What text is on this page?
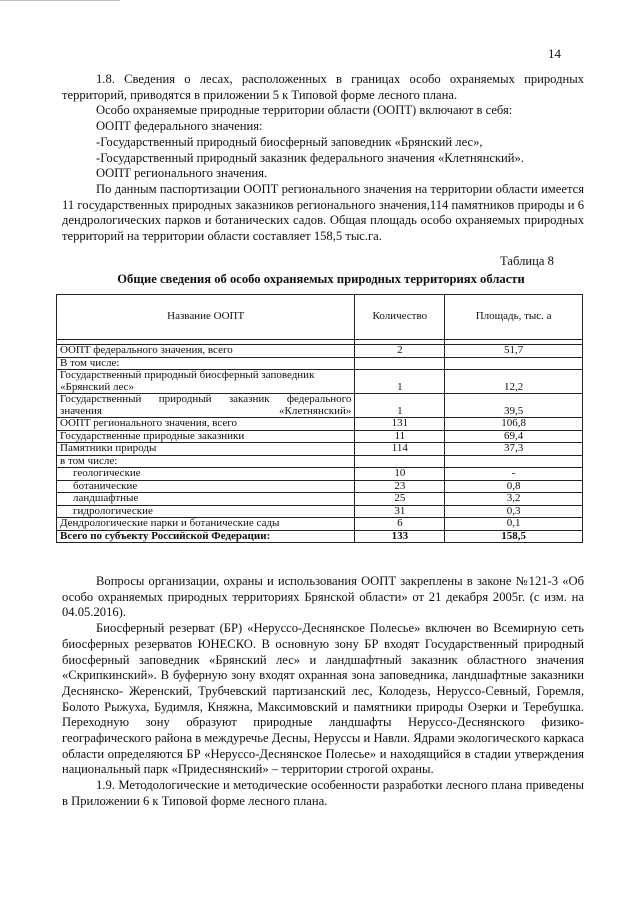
14

1.8. Сведения о лесах, расположенных в границах особо охраняемых природных территорий, приводятся в приложении 5 к Типовой форме лесного плана.

Особо охраняемые природные территории области (ООПТ) включают в себя:

ООПТ федерального значения:

-Государственный природный биосферный заповедник «Брянский лес»,

-Государственный природный заказник федерального значения «Клетнянский».

ООПТ регионального значения.

По данным паспортизации ООПТ регионального значения на территории области имеется 11 государственных природных заказников регионального значения,114 памятников природы и 6 дендрологических парков и ботанических садов. Общая площадь особо охраняемых природных территорий на территории области составляет 158,5 тыс.га.

Таблица 8
Общие сведения об особо охраняемых природных территориях области
Название ООПТ	Количество	Площадь, тыс. а

ООПТ федерального значения, всего	2	51,7
В том числе:		
Государственный природный биосферный заповедник «Брянский лес»	1	12,2
Государственный природный заказник федерального значения «Клетнянский»	1	39,5
ООПТ регионального значения, всего	131	106,8
Государственные природные заказники	11	69,4
Памятники природы	114	37,3
в том числе:		
геологические	10	-
ботанические	23	0,8
ландшафтные	25	3,2
гидрологические	31	0,3
Дендрологические парки и ботанические сады	6	0,1
Всего по субъекту Российской Федерации:	133	158,5

Вопросы организации, охраны и использования ООПТ закреплены в законе №121-3 «Об особо охраняемых природных территориях Брянской области» от 21 декабря 2005г. (с изм. на 04.05.2016).

Биосферный резерват (БР) «Неруссо-Деснянское Полесье» включен во Всемирную сеть биосферных резерватов ЮНЕСКО. В основную зону БР входят Государственный природный биосферный заповедник «Брянский лес» и ландшафтный заказник областного значения «Скрипкинский». В буферную зону входят охранная зона заповедника, ландшафтные заказники Деснянско- Жеренский, Трубчевский партизанский лес, Колодезь, Неруссо-Севный, Горемля, Болото Рыжуха, Будимля, Княжна, Максимовский и памятники природы Озерки и Теребушка. Переходную зону образуют природные ландшафты Неруссо-Деснянского физико-географического района в междуречье Десны, Неруссы и Навли. Ядрами экологического каркаса области определяются БР «Неруссо-Деснянское Полесье» и находящийся в стадии утверждения национальный парк «Придеснянский» – территории строгой охраны.

1.9. Методологические и методические особенности разработки лесного плана приведены в Приложении 6 к Типовой форме лесного плана.
